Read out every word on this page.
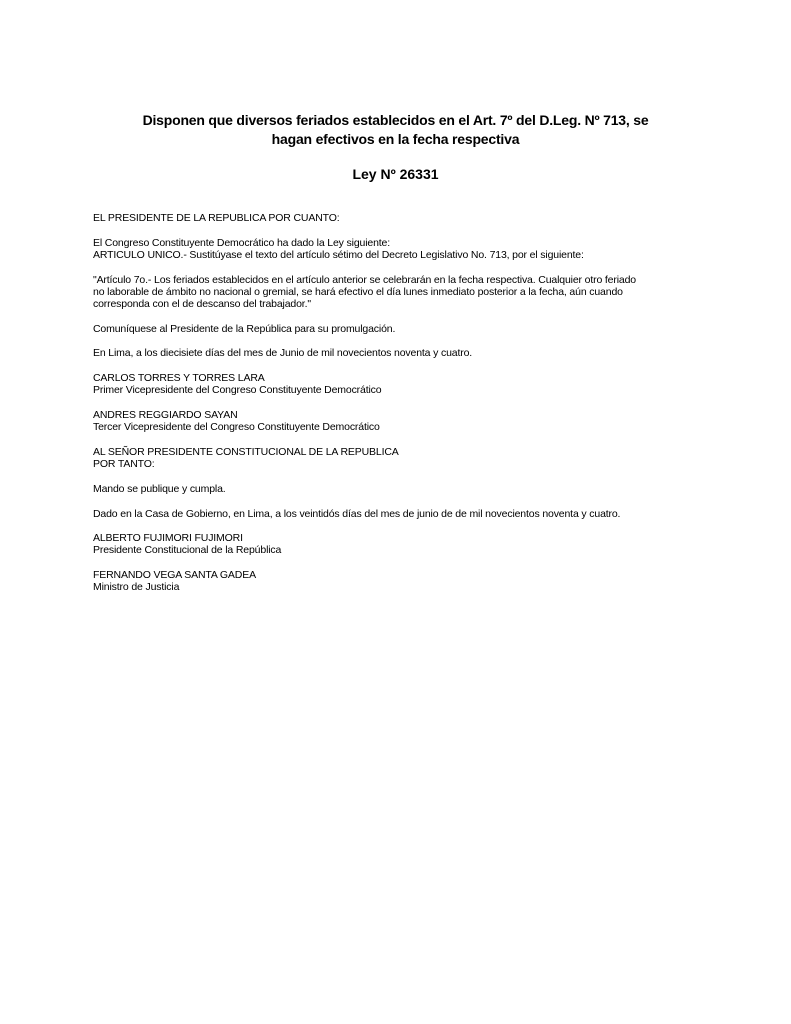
Disponen que diversos feriados establecidos en el Art. 7º del D.Leg. Nº 713, se
hagan efectivos en la fecha respectiva
Ley Nº 26331

EL PRESIDENTE DE LA REPUBLICA POR CUANTO:

El Congreso Constituyente Democrático ha dado la Ley siguiente:
ARTICULO UNICO.- Sustitúyase el texto del artículo sétimo del Decreto Legislativo No. 713, por el siguiente:

"Artículo 7o.- Los feriados establecidos en el artículo anterior se celebrarán en la fecha respectiva. Cualquier otro feriado
no laborable de ámbito no nacional o gremial, se hará efectivo el día lunes inmediato posterior a la fecha, aún cuando
corresponda con el de descanso del trabajador."

Comuníquese al Presidente de la República para su promulgación.

En Lima, a los diecisiete días del mes de Junio de mil novecientos noventa y cuatro.

CARLOS TORRES Y TORRES LARA
Primer Vicepresidente del Congreso Constituyente Democrático

ANDRES REGGIARDO SAYAN
Tercer Vicepresidente del Congreso Constituyente Democrático

AL SEÑOR PRESIDENTE CONSTITUCIONAL DE LA REPUBLICA
POR TANTO:

Mando se publique y cumpla.

Dado en la Casa de Gobierno, en Lima, a los veintidós días del mes de junio de de mil novecientos noventa y cuatro.

ALBERTO FUJIMORI FUJIMORI
Presidente Constitucional de la República

FERNANDO VEGA SANTA GADEA
Ministro de Justicia
